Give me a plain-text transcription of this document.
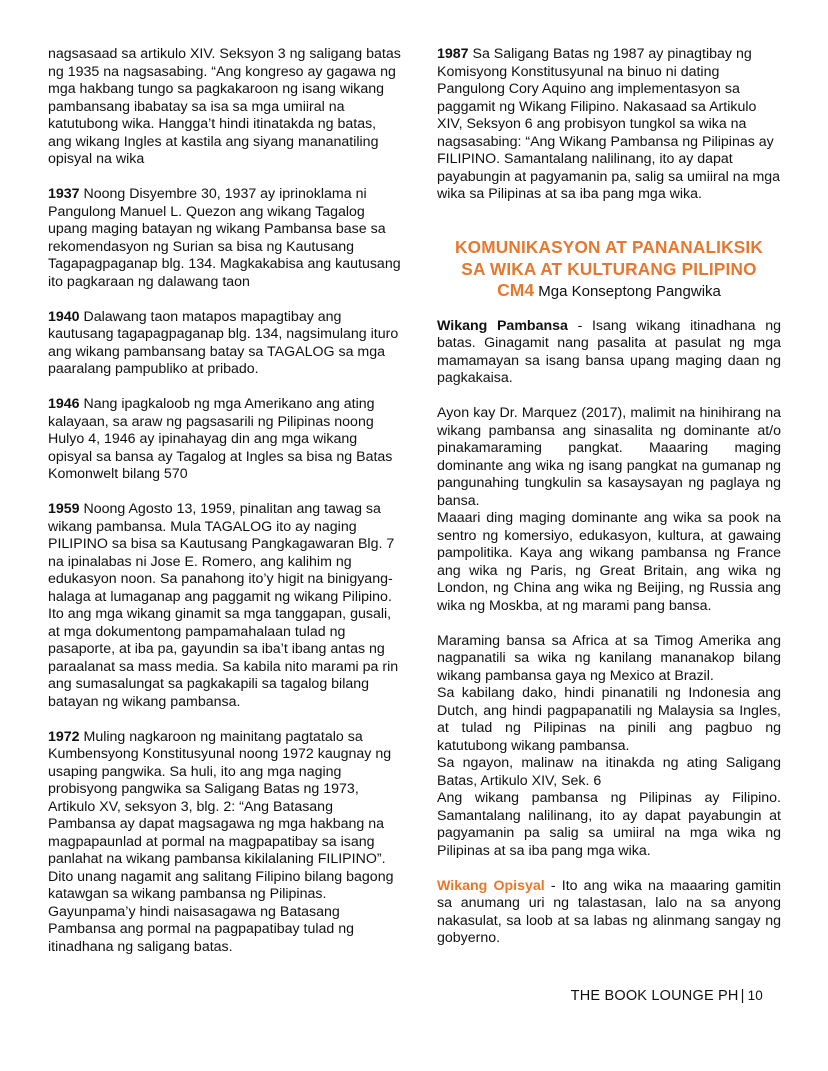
nagsasaad sa artikulo XIV. Seksyon 3 ng saligang batas ng 1935 na nagsasabing. “Ang kongreso ay gagawa ng mga hakbang tungo sa pagkakaroon ng isang wikang pambansang ibabatay sa isa sa mga umiiral na katutubong wika. Hangga’t hindi itinatakda ng batas, ang wikang Ingles at kastila ang siyang mananatiling opisyal na wika

1937 Noong Disyembre 30, 1937 ay iprinoklama ni Pangulong Manuel L. Quezon ang wikang Tagalog upang maging batayan ng wikang Pambansa base sa rekomendasyon ng Surian sa bisa ng Kautusang Tagapagpaganap blg. 134. Magkakabisa ang kautusang ito pagkaraan ng dalawang taon

1940 Dalawang taon matapos mapagtibay ang kautusang tagapagpaganap blg. 134, nagsimulang ituro ang wikang pambansang batay sa TAGALOG sa mga paaralang pampubliko at pribado.

1946 Nang ipagkaloob ng mga Amerikano ang ating kalayaan, sa araw ng pagsasarili ng Pilipinas noong Hulyo 4, 1946 ay ipinahayag din ang mga wikang opisyal sa bansa ay Tagalog at Ingles sa bisa ng Batas Komonwelt bilang 570

1959 Noong Agosto 13, 1959, pinalitan ang tawag sa wikang pambansa. Mula TAGALOG ito ay naging PILIPINO sa bisa sa Kautusang Pangkagawaran Blg. 7 na ipinalabas ni Jose E. Romero, ang kalihim ng edukasyon noon. Sa panahong ito’y higit na binigyang-halaga at lumaganap ang paggamit ng wikang Pilipino. Ito ang mga wikang ginamit sa mga tanggapan, gusali, at mga dokumentong pampamahalaan tulad ng pasaporte, at iba pa, gayundin sa iba’t ibang antas ng paraalanat sa mass media. Sa kabila nito marami pa rin ang sumasalungat sa pagkakapili sa tagalog bilang batayan ng wikang pambansa.

1972 Muling nagkaroon ng mainitang pagtatalo sa Kumbensyong Konstitusyunal noong 1972 kaugnay ng usaping pangwika. Sa huli, ito ang mga naging probisyong pangwika sa Saligang Batas ng 1973, Artikulo XV, seksyon 3, blg. 2: “Ang Batasang Pambansa ay dapat magsagawa ng mga hakbang na magpapaunlad at pormal na magpapatibay sa isang panlahat na wikang pambansa kikilalaning FILIPINO”. Dito unang nagamit ang salitang Filipino bilang bagong katawgan sa wikang pambansa ng Pilipinas. Gayunpama’y hindi naisasagawa ng Batasang Pambansa ang pormal na pagpapatibay tulad ng itinadhana ng saligang batas.

1987 Sa Saligang Batas ng 1987 ay pinagtibay ng Komisyong Konstitusyunal na binuo ni dating Pangulong Cory Aquino ang implementasyon sa paggamit ng Wikang Filipino. Nakasaad sa Artikulo XIV, Seksyon 6 ang probisyon tungkol sa wika na nagsasabing: “Ang Wikang Pambansa ng Pilipinas ay FILIPINO. Samantalang nalilinang, ito ay dapat payabungin at pagyamanin pa, salig sa umiiral na mga wika sa Pilipinas at sa iba pang mga wika.

KOMUNIKASYON AT PANANALIKSIK
SA WIKA AT KULTURANG PILIPINO
CM4 Mga Konseptong Pangwika

Wikang Pambansa - Isang wikang itinadhana ng batas. Ginagamit nang pasalita at pasulat ng mga mamamayan sa isang bansa upang maging daan ng pagkakaisa.

Ayon kay Dr. Marquez (2017), malimit na hinihirang na wikang pambansa ang sinasalita ng dominante at/o pinakamaraming pangkat. Maaaring maging dominante ang wika ng isang pangkat na gumanap ng pangunahing tungkulin sa kasaysayan ng paglaya ng bansa.

Maaari ding maging dominante ang wika sa pook na sentro ng komersiyo, edukasyon, kultura, at gawaing pampolitika. Kaya ang wikang pambansa ng France ang wika ng Paris, ng Great Britain, ang wika ng London, ng China ang wika ng Beijing, ng Russia ang wika ng Moskba, at ng marami pang bansa.

Maraming bansa sa Africa at sa Timog Amerika ang nagpanatili sa wika ng kanilang mananakop bilang wikang pambansa gaya ng Mexico at Brazil.

Sa kabilang dako, hindi pinanatili ng Indonesia ang Dutch, ang hindi pagpapanatili ng Malaysia sa Ingles, at tulad ng Pilipinas na pinili ang pagbuo ng katutubong wikang pambansa.

Sa ngayon, malinaw na itinakda ng ating Saligang Batas, Artikulo XIV, Sek. 6

Ang wikang pambansa ng Pilipinas ay Filipino. Samantalang nalilinang, ito ay dapat payabungin at pagyamanin pa salig sa umiiral na mga wika ng Pilipinas at sa iba pang mga wika.

Wikang Opisyal - Ito ang wika na maaaring gamitin sa anumang uri ng talastasan, lalo na sa anyong nakasulat, sa loob at sa labas ng alinmang sangay ng gobyerno.

THE BOOK LOUNGE PH | 10
